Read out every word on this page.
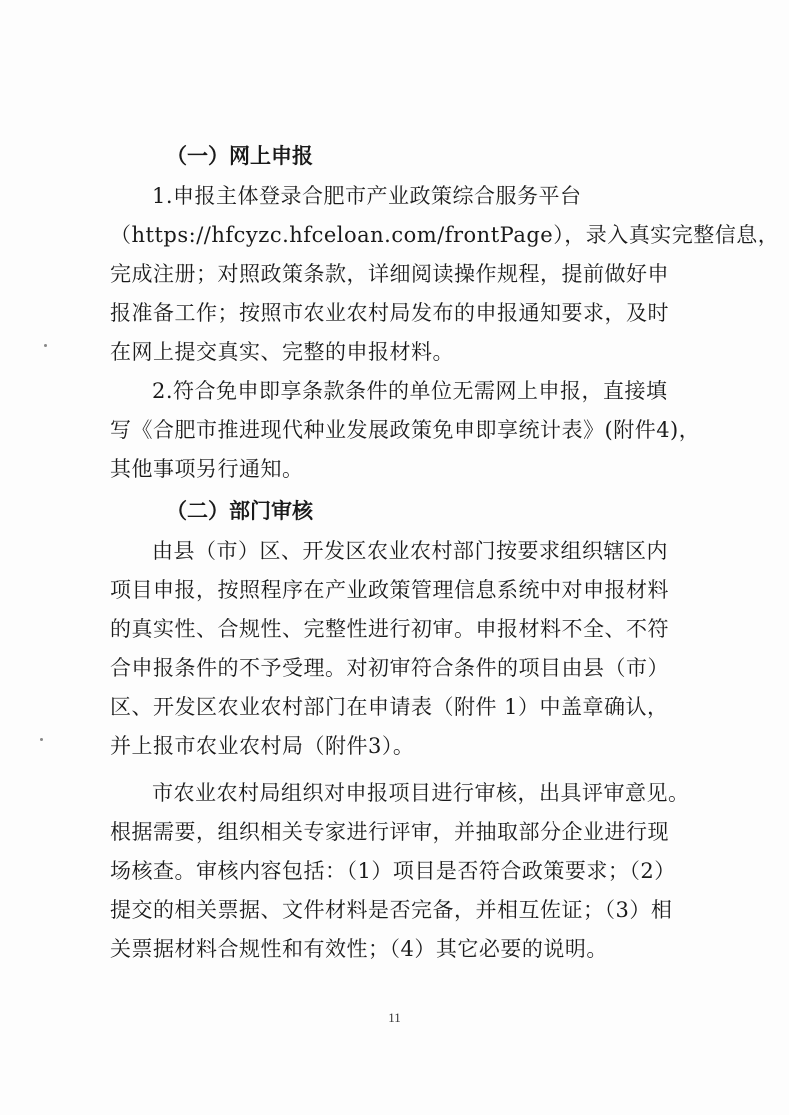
（一）网上申报
1.申报主体登录合肥市产业政策综合服务平台
（https://hfcyzc.hfceloan.com/frontPage），录入真实完整信息，
完成注册；对照政策条款，详细阅读操作规程，提前做好申
报准备工作；按照市农业农村局发布的申报通知要求，及时
在网上提交真实、完整的申报材料。
2.符合免申即享条款条件的单位无需网上申报，直接填
写《合肥市推进现代种业发展政策免申即享统计表》(附件4)，
其他事项另行通知。
（二）部门审核
由县（市）区、开发区农业农村部门按要求组织辖区内
项目申报，按照程序在产业政策管理信息系统中对申报材料
的真实性、合规性、完整性进行初审。申报材料不全、不符
合申报条件的不予受理。对初审符合条件的项目由县（市）
区、开发区农业农村部门在申请表（附件 1）中盖章确认，
并上报市农业农村局（附件3）。
市农业农村局组织对申报项目进行审核，出具评审意见。
根据需要，组织相关专家进行评审，并抽取部分企业进行现
场核查。审核内容包括：（1）项目是否符合政策要求；（2）
提交的相关票据、文件材料是否完备，并相互佐证；（3）相
关票据材料合规性和有效性；（4）其它必要的说明。
11
